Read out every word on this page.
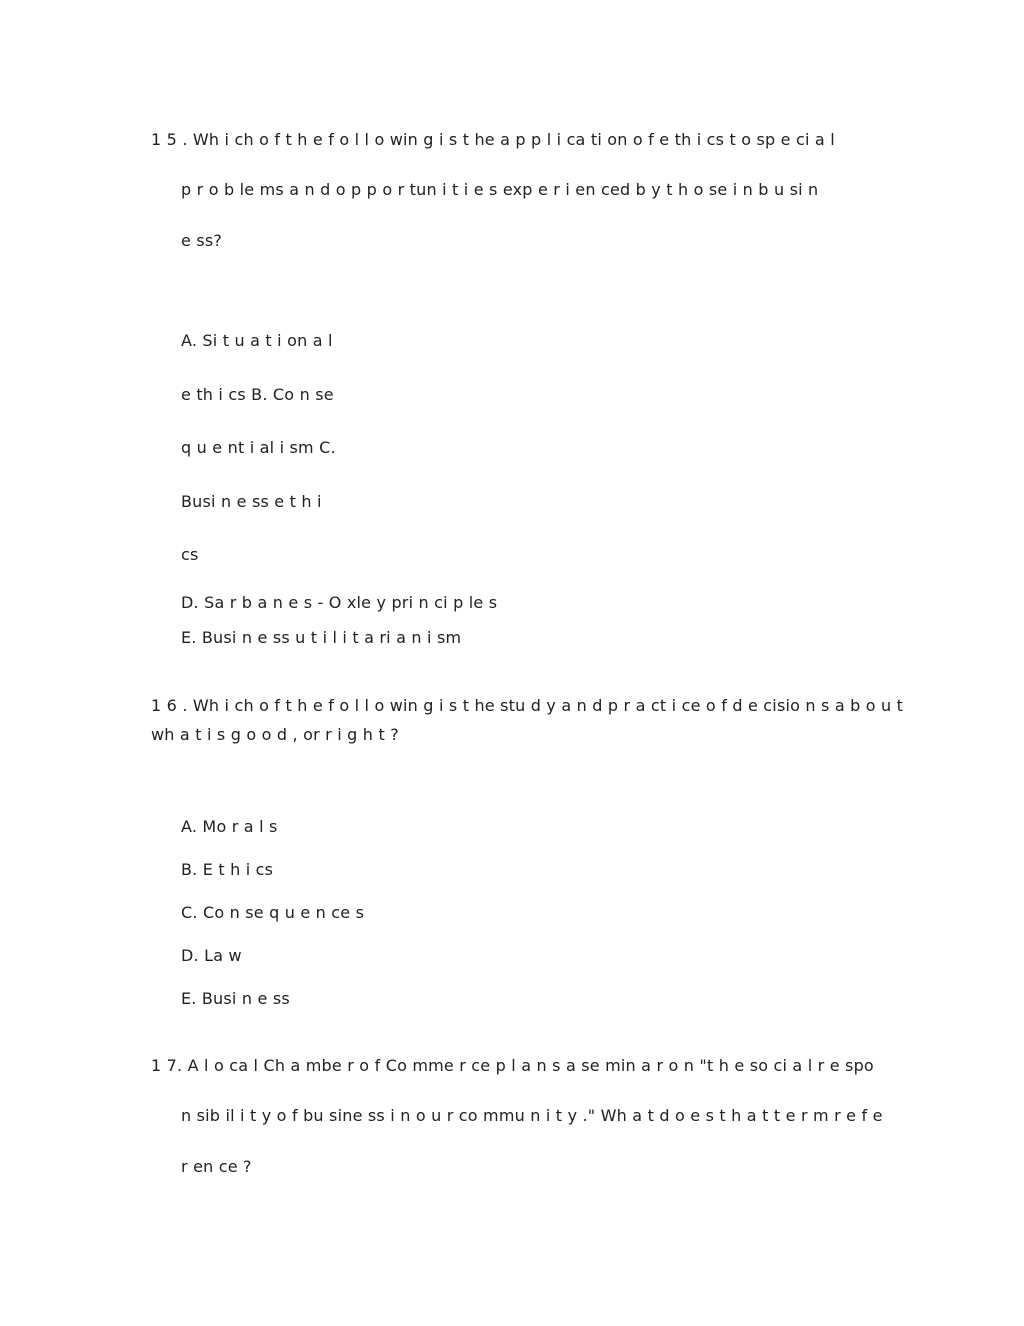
1 5 . Wh i ch o f t h e f o l l o win g i s t he a p p l i ca ti on o f e th i cs t o sp e ci a l
p r o b le ms a n d o p p o r tun i t i e s exp e r i en ced b y t h o se i n b u si n
e ss?
A. Si t u a t i on a l
e th i cs B. Co n se
q u e nt i al i sm C.
Busi n e ss e t h i
cs
D. Sa r b a n e s - O xle y pri n ci p le s
E. Busi n e ss u t i l i t a ri a n i sm
1 6 . Wh i ch o f t h e f o l l o win g i s t he stu d y a n d p r a ct i ce o f d e cisio n s a b o u t
wh a t i s g o o d , or r i g h t ?
A. Mo r a l s
B. E t h i cs
C. Co n se q u e n ce s
D. La w
E. Busi n e ss
1 7. A l o ca l Ch a mbe r o f Co mme r ce p l a n s a se min a r o n "t h e so ci a l r e spo
n sib il i t y o f bu sine ss i n o u r co mmu n i t y ." Wh a t d o e s t h a t t e r m r e f e
r en ce ?
